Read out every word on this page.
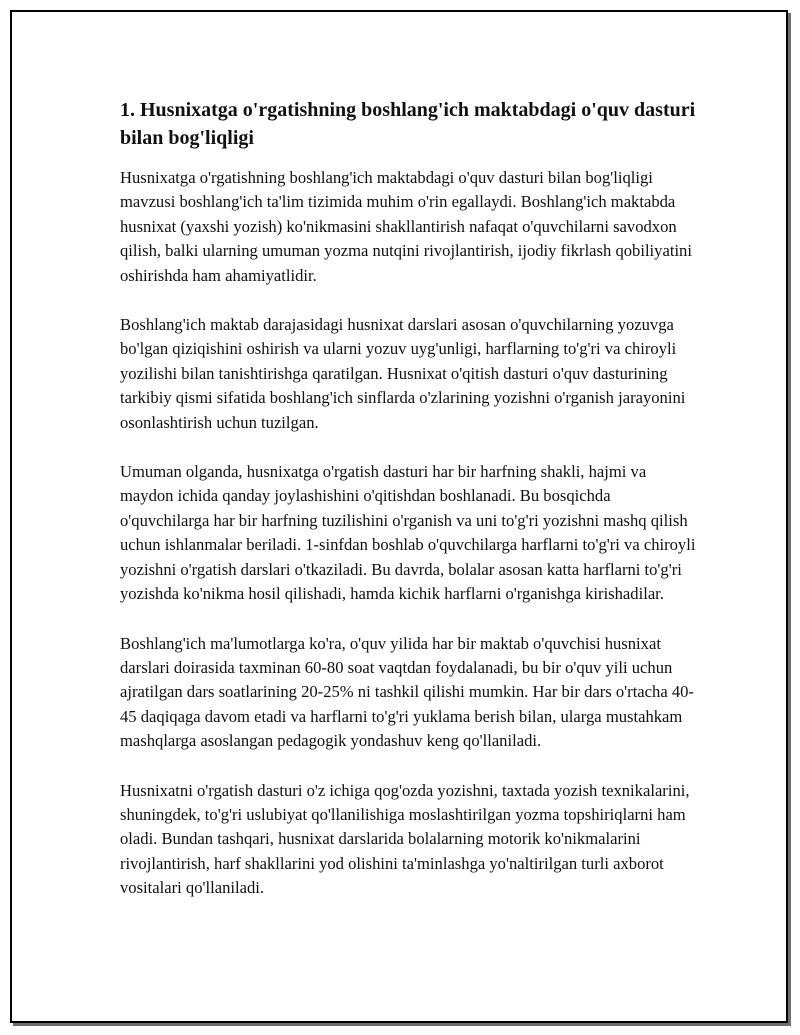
1. Husnixatga o'rgatishning boshlang'ich maktabdagi o'quv dasturi bilan bog'liqligi

Husnixatga o'rgatishning boshlang'ich maktabdagi o'quv dasturi bilan bog'liqligi mavzusi boshlang'ich ta'lim tizimida muhim o'rin egallaydi. Boshlang'ich maktabda husnixat (yaxshi yozish) ko'nikmasini shakllantirish nafaqat o'quvchilarni savodxon qilish, balki ularning umuman yozma nutqini rivojlantirish, ijodiy fikrlash qobiliyatini oshirishda ham ahamiyatlidir.

Boshlang'ich maktab darajasidagi husnixat darslari asosan o'quvchilarning yozuvga bo'lgan qiziqishini oshirish va ularni yozuv uyg'unligi, harflarning to'g'ri va chiroyli yozilishi bilan tanishtirishga qaratilgan. Husnixat o'qitish dasturi o'quv dasturining tarkibiy qismi sifatida boshlang'ich sinflarda o'zlarining yozishni o'rganish jarayonini osonlashtirish uchun tuzilgan.

Umuman olganda, husnixatga o'rgatish dasturi har bir harfning shakli, hajmi va maydon ichida qanday joylashishini o'qitishdan boshlanadi. Bu bosqichda o'quvchilarga har bir harfning tuzilishini o'rganish va uni to'g'ri yozishni mashq qilish uchun ishlanmalar beriladi. 1-sinfdan boshlab o'quvchilarga harflarni to'g'ri va chiroyli yozishni o'rgatish darslari o'tkaziladi. Bu davrda, bolalar asosan katta harflarni to'g'ri yozishda ko'nikma hosil qilishadi, hamda kichik harflarni o'rganishga kirishadilar.

Boshlang'ich ma'lumotlarga ko'ra, o'quv yilida har bir maktab o'quvchisi husnixat darslari doirasida taxminan 60-80 soat vaqtdan foydalanadi, bu bir o'quv yili uchun ajratilgan dars soatlarining 20-25% ni tashkil qilishi mumkin. Har bir dars o'rtacha 40-45 daqiqaga davom etadi va harflarni to'g'ri yuklama berish bilan, ularga mustahkam mashqlarga asoslangan pedagogik yondashuv keng qo'llaniladi.

Husnixatni o'rgatish dasturi o'z ichiga qog'ozda yozishni, taxtada yozish texnikalarini, shuningdek, to'g'ri uslubiyat qo'llanilishiga moslashtirilgan yozma topshiriqlarni ham oladi. Bundan tashqari, husnixat darslarida bolalarning motorik ko'nikmalarini rivojlantirish, harf shakllarini yod olishini ta'minlashga yo'naltirilgan turli axborot vositalari qo'llaniladi.
